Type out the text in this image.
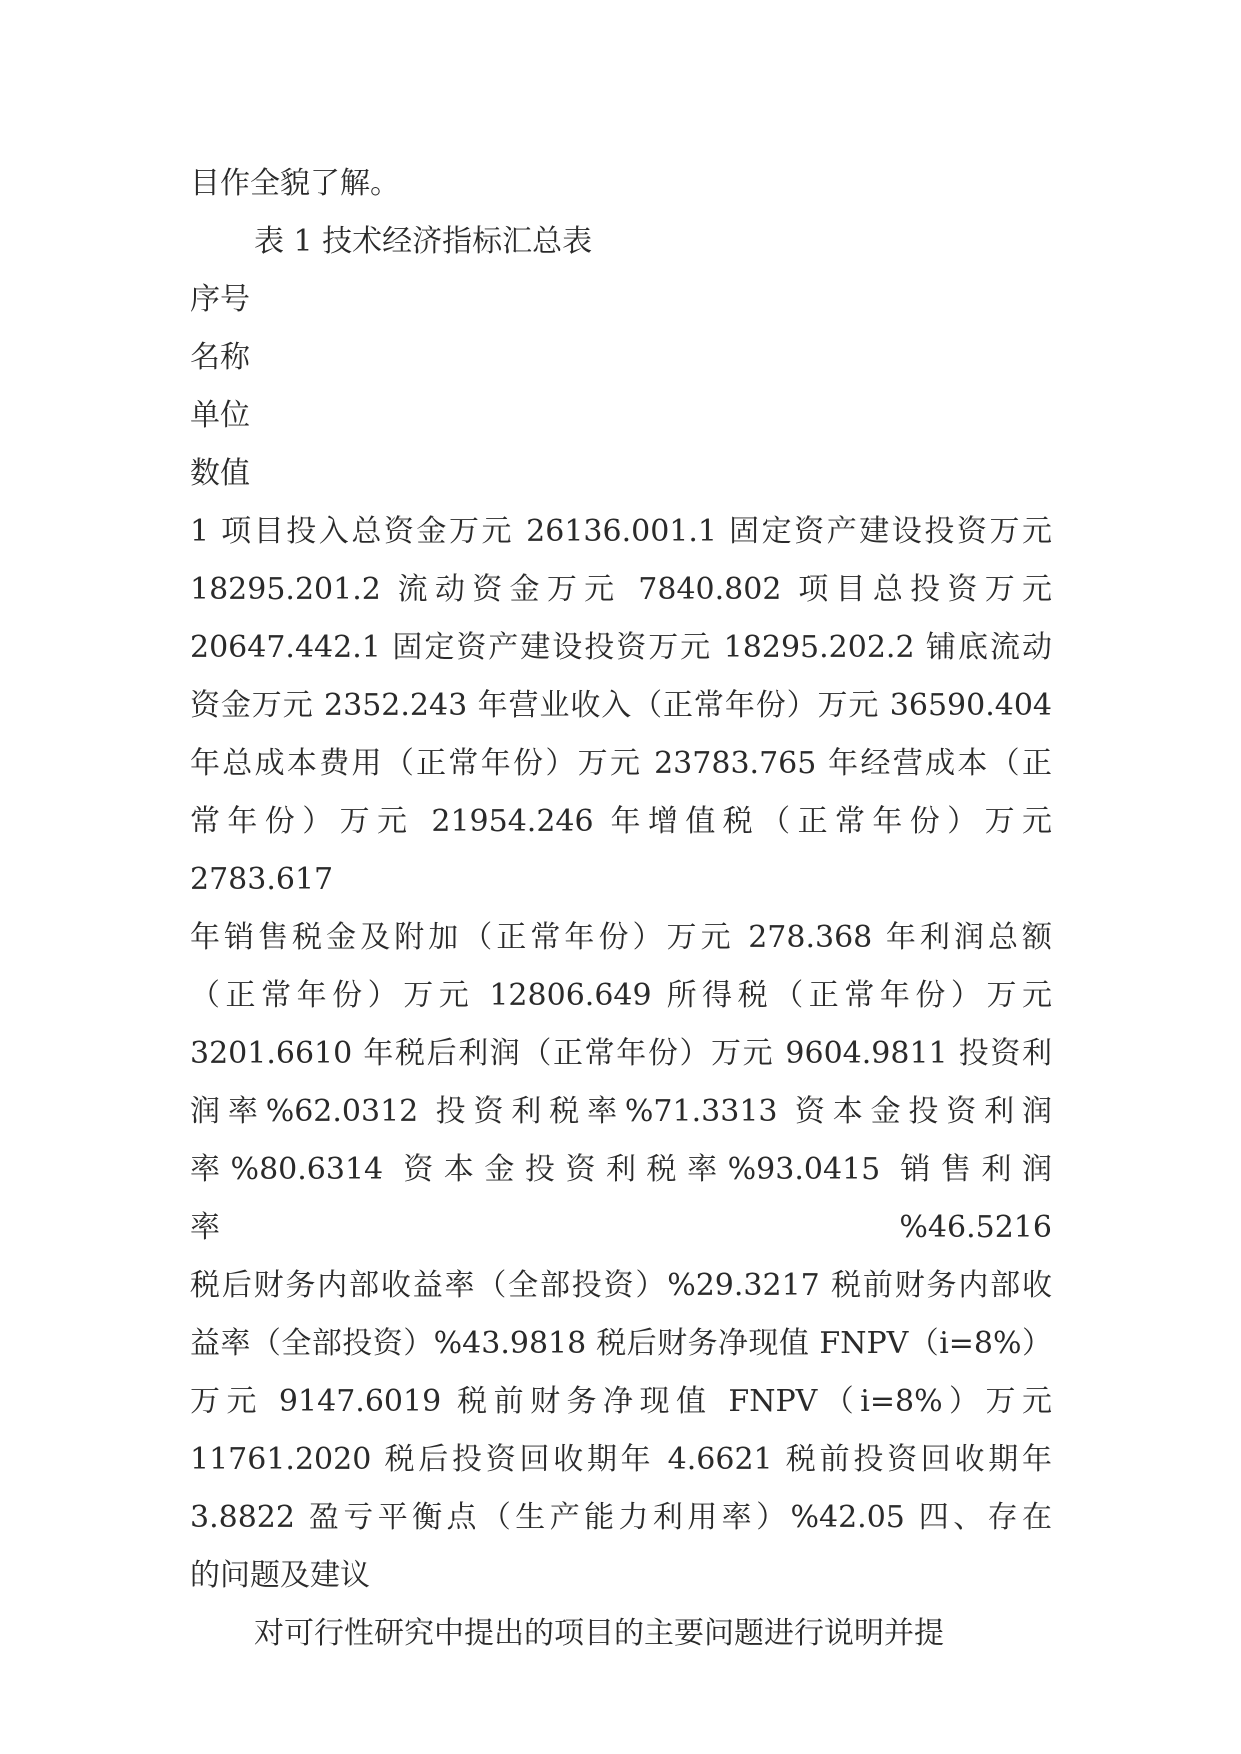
目作全貌了解。

表 1 技术经济指标汇总表

序号

名称

单位

数值

1 项目投入总资金万元 26136.001.1 固定资产建设投资万元

18295.201.2 流动资金万元 7840.802 项目总投资万元

20647.442.1 固定资产建设投资万元 18295.202.2 铺底流动

资金万元 2352.243 年营业收入（正常年份）万元 36590.404

年总成本费用（正常年份）万元 23783.765 年经营成本（正

常年份）万元 21954.246 年增值税（正常年份）万元 2783.617

年销售税金及附加（正常年份）万元 278.368 年利润总额

（正常年份）万元 12806.649 所得税（正常年份）万元

3201.6610 年税后利润（正常年份）万元 9604.9811 投资利

润率%62.0312 投资利税率%71.3313 资本金投资利润

率%80.6314 资本金投资利税率%93.0415 销售利润率%46.5216

税后财务内部收益率（全部投资）%29.3217 税前财务内部收

益率（全部投资）%43.9818 税后财务净现值 FNPV（i=8%）

万元 9147.6019 税前财务净现值 FNPV（i=8%）万元

11761.2020 税后投资回收期年 4.6621 税前投资回收期年

3.8822 盈亏平衡点（生产能力利用率）%42.05 四、存在

的问题及建议

对可行性研究中提出的项目的主要问题进行说明并提
